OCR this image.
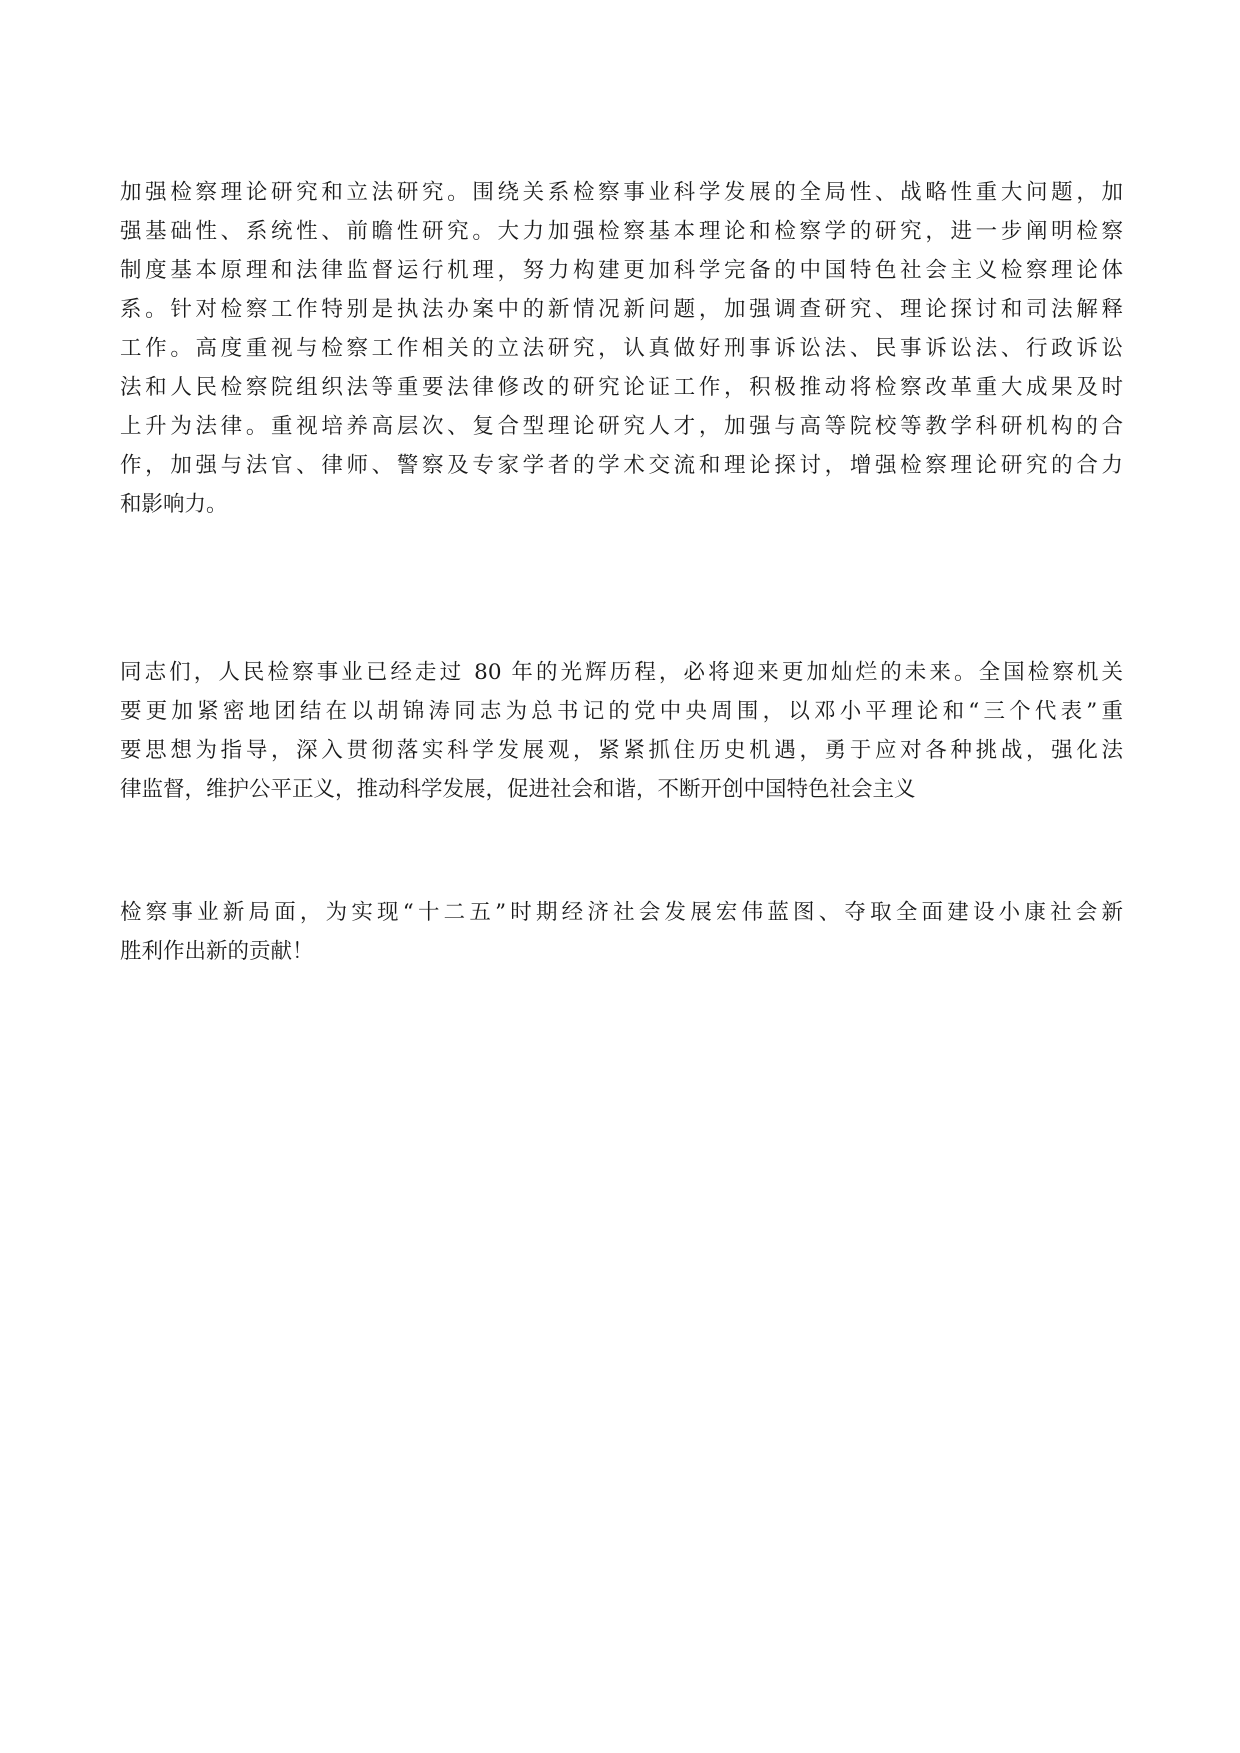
加强检察理论研究和立法研究。围绕关系检察事业科学发展的全局性、战略性重大问题，加
强基础性、系统性、前瞻性研究。大力加强检察基本理论和检察学的研究，进一步阐明检察
制度基本原理和法律监督运行机理，努力构建更加科学完备的中国特色社会主义检察理论体
系。针对检察工作特别是执法办案中的新情况新问题，加强调查研究、理论探讨和司法解释
工作。高度重视与检察工作相关的立法研究，认真做好刑事诉讼法、民事诉讼法、行政诉讼
法和人民检察院组织法等重要法律修改的研究论证工作，积极推动将检察改革重大成果及时
上升为法律。重视培养高层次、复合型理论研究人才，加强与高等院校等教学科研机构的合
作，加强与法官、律师、警察及专家学者的学术交流和理论探讨，增强检察理论研究的合力
和影响力。
同志们，人民检察事业已经走过 80 年的光辉历程，必将迎来更加灿烂的未来。全国检察机关
要更加紧密地团结在以胡锦涛同志为总书记的党中央周围，以邓小平理论和“三个代表”重
要思想为指导，深入贯彻落实科学发展观，紧紧抓住历史机遇，勇于应对各种挑战，强化法
律监督，维护公平正义，推动科学发展，促进社会和谐，不断开创中国特色社会主义
检察事业新局面，为实现“十二五”时期经济社会发展宏伟蓝图、夺取全面建设小康社会新
胜利作出新的贡献！
